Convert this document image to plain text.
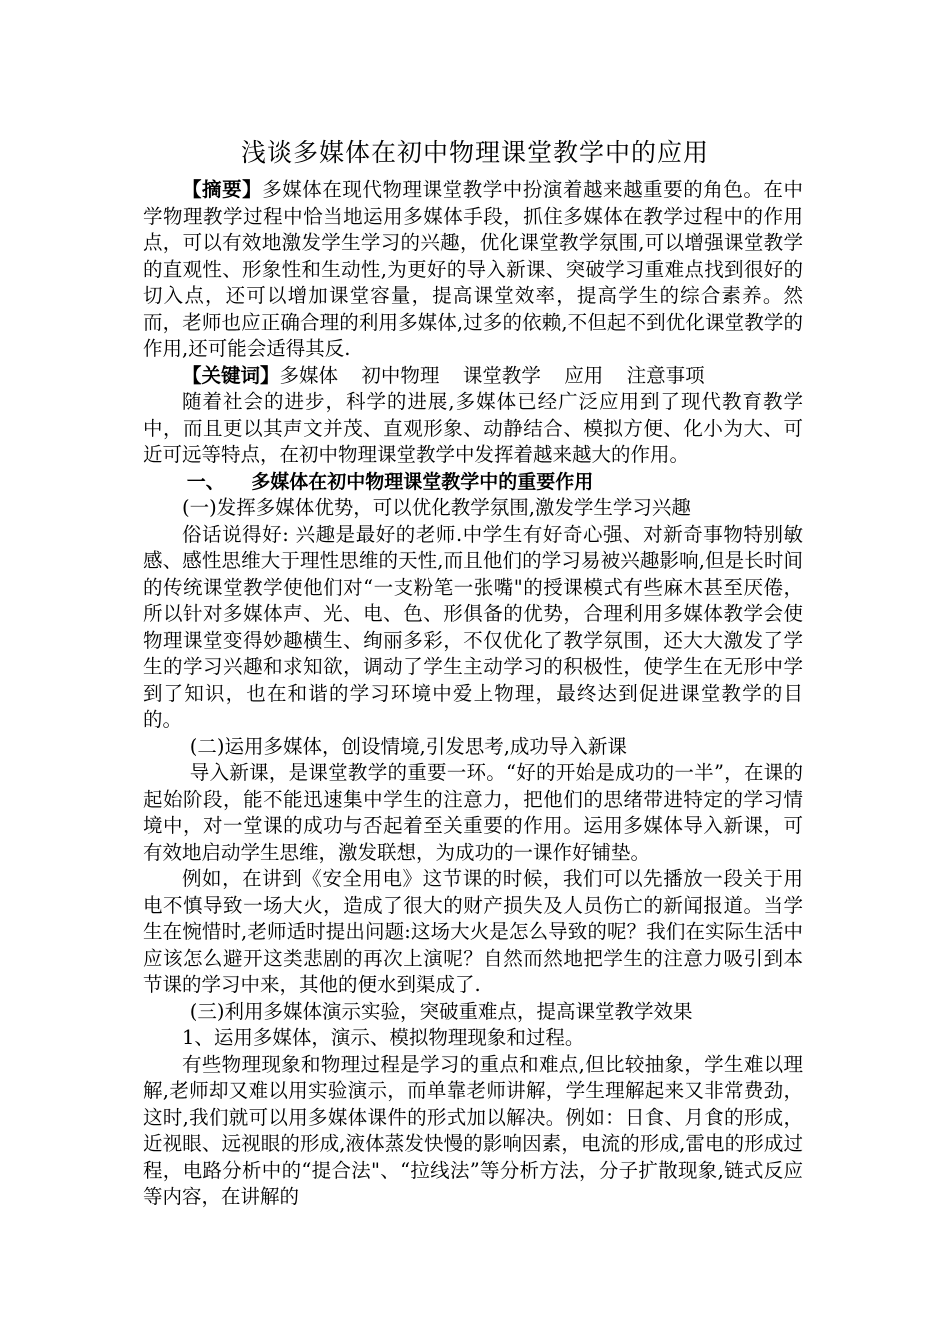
浅谈多媒体在初中物理课堂教学中的应用

【摘要】多媒体在现代物理课堂教学中扮演着越来越重要的角色。在中学物理教学过程中恰当地运用多媒体手段，抓住多媒体在教学过程中的作用点，可以有效地激发学生学习的兴趣，优化课堂教学氛围,可以增强课堂教学的直观性、形象性和生动性,为更好的导入新课、突破学习重难点找到很好的切入点，还可以增加课堂容量，提高课堂效率，提高学生的综合素养。然而，老师也应正确合理的利用多媒体,过多的依赖,不但起不到优化课堂教学的作用,还可能会适得其反.

【关键词】多媒体 初中物理 课堂教学 应用 注意事项

随着社会的进步，科学的进展,多媒体已经广泛应用到了现代教育教学中，而且更以其声文并茂、直观形象、动静结合、模拟方便、化小为大、可近可远等特点，在初中物理课堂教学中发挥着越来越大的作用。

一、 多媒体在初中物理课堂教学中的重要作用

(一)发挥多媒体优势，可以优化教学氛围,激发学生学习兴趣

俗话说得好: 兴趣是最好的老师.中学生有好奇心强、对新奇事物特别敏感、感性思维大于理性思维的天性,而且他们的学习易被兴趣影响,但是长时间的传统课堂教学使他们对“一支粉笔一张嘴"的授课模式有些麻木甚至厌倦，所以针对多媒体声、光、电、色、形俱备的优势，合理利用多媒体教学会使物理课堂变得妙趣横生、绚丽多彩，不仅优化了教学氛围，还大大激发了学生的学习兴趣和求知欲，调动了学生主动学习的积极性，使学生在无形中学到了知识，也在和谐的学习环境中爱上物理，最终达到促进课堂教学的目的。

(二)运用多媒体，创设情境,引发思考,成功导入新课

导入新课，是课堂教学的重要一环。“好的开始是成功的一半”，在课的起始阶段，能不能迅速集中学生的注意力，把他们的思绪带进特定的学习情境中，对一堂课的成功与否起着至关重要的作用。运用多媒体导入新课，可有效地启动学生思维，激发联想，为成功的一课作好铺垫。

例如，在讲到《安全用电》这节课的时候，我们可以先播放一段关于用电不慎导致一场大火，造成了很大的财产损失及人员伤亡的新闻报道。当学生在惋惜时,老师适时提出问题:这场大火是怎么导致的呢？我们在实际生活中应该怎么避开这类悲剧的再次上演呢？自然而然地把学生的注意力吸引到本节课的学习中来，其他的便水到渠成了.

(三)利用多媒体演示实验，突破重难点，提高课堂教学效果

1、运用多媒体，演示、模拟物理现象和过程。

有些物理现象和物理过程是学习的重点和难点,但比较抽象，学生难以理解,老师却又难以用实验演示，而单靠老师讲解，学生理解起来又非常费劲，这时,我们就可以用多媒体课件的形式加以解决。例如：日食、月食的形成，近视眼、远视眼的形成,液体蒸发快慢的影响因素，电流的形成,雷电的形成过程，电路分析中的“提合法"、“拉线法”等分析方法，分子扩散现象,链式反应等内容，在讲解的
